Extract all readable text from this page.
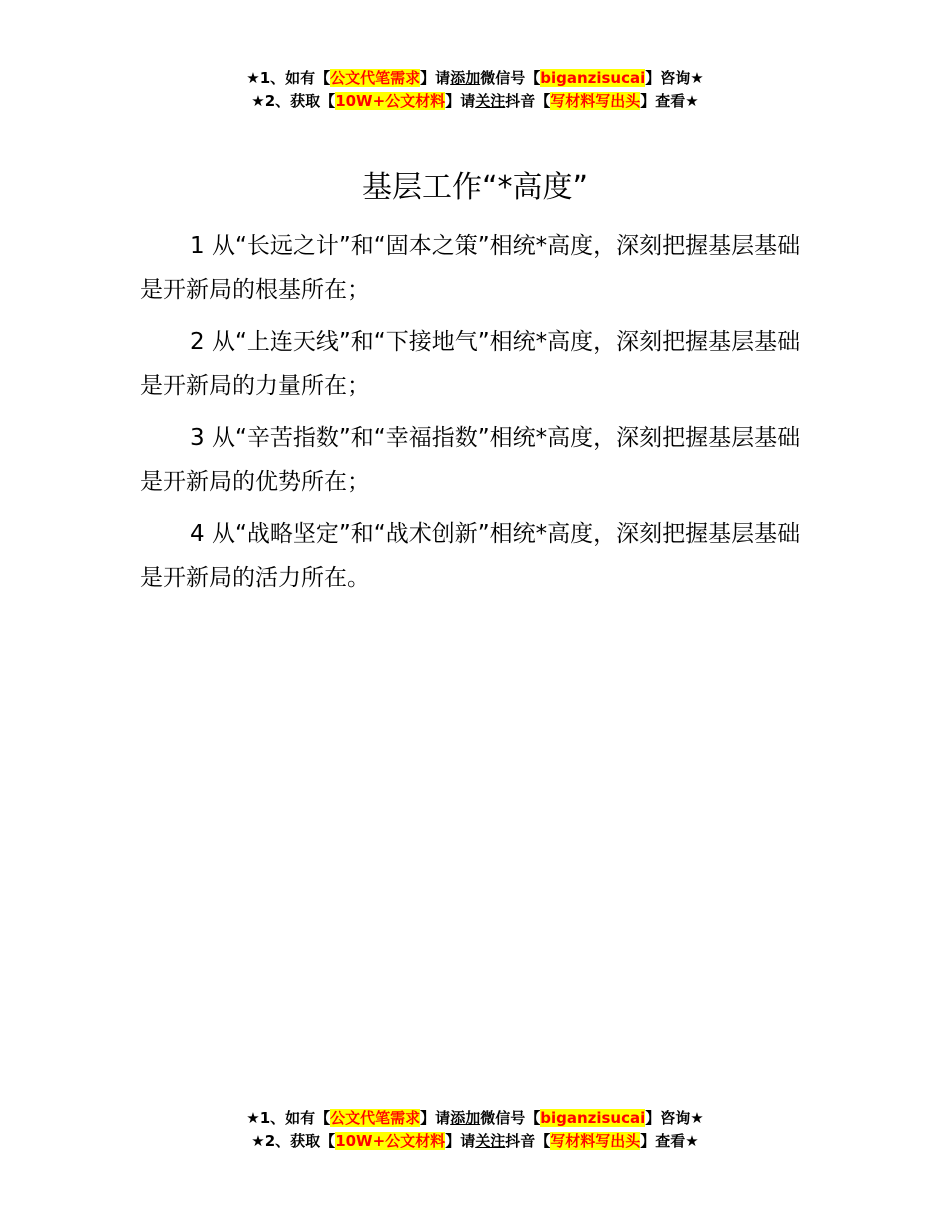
★1、如有【公文代笔需求】请添加微信号【biganzisucai】咨询★
★2、获取【10W+公文材料】请关注抖音【写材料写出头】查看★
基层工作“*高度”

1 从“长远之计”和“固本之策”相统*高度，深刻把握基层基础是开新局的根基所在；

2 从“上连天线”和“下接地气”相统*高度，深刻把握基层基础是开新局的力量所在；

3 从“辛苦指数”和“幸福指数”相统*高度，深刻把握基层基础是开新局的优势所在；

4 从“战略坚定”和“战术创新”相统*高度，深刻把握基层基础是开新局的活力所在。

★1、如有【公文代笔需求】请添加微信号【biganzisucai】咨询★
★2、获取【10W+公文材料】请关注抖音【写材料写出头】查看★
